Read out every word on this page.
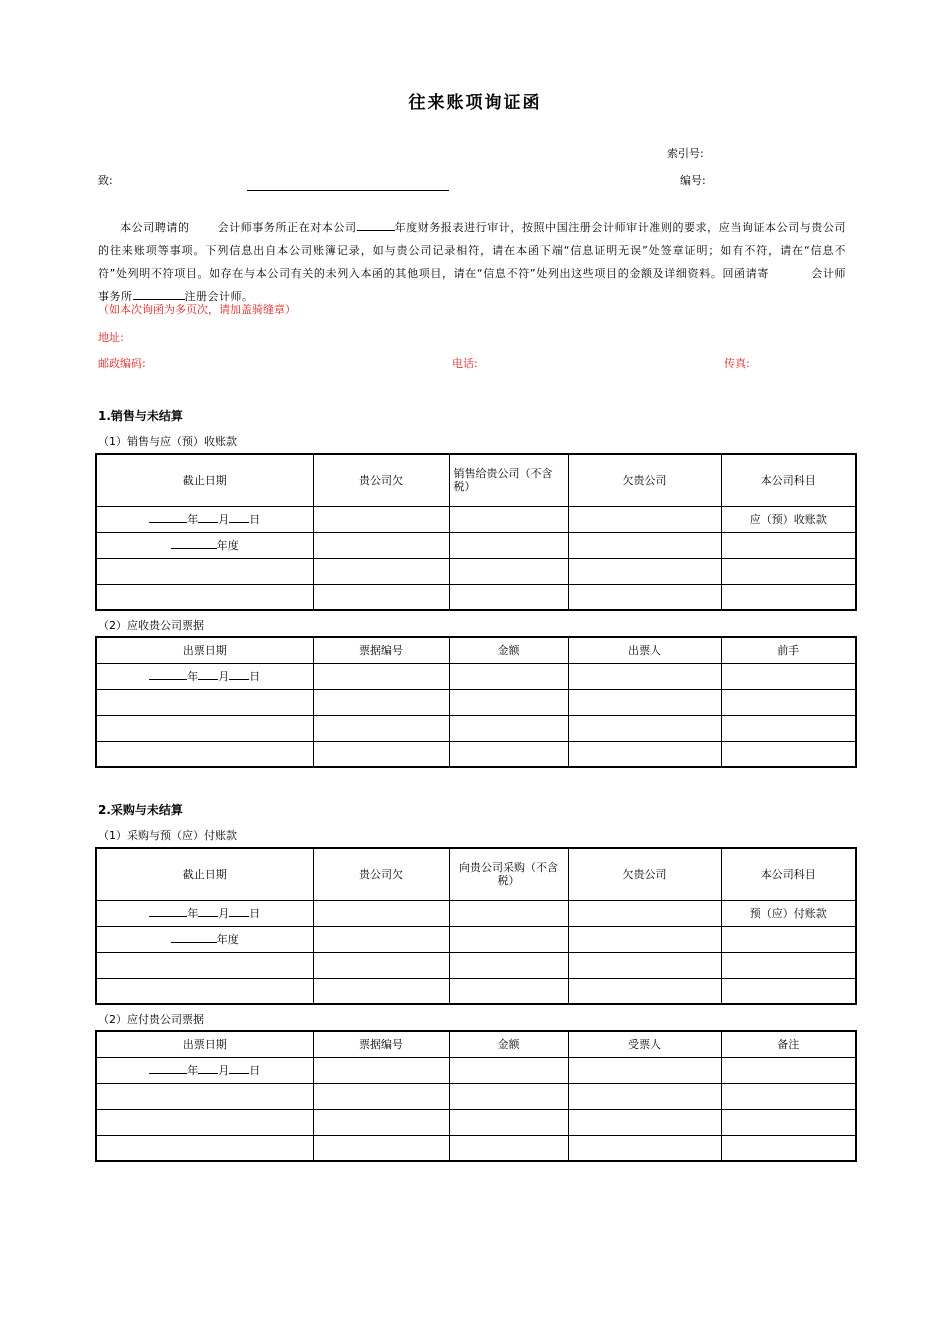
往来账项询证函
索引号:
致:	编号:
本公司聘请的	会计师事务所正在对本公司	年度财务报表进行审计，按照中国注册会计师审计准则的要求，应当询证本公司与贵公司的往来账项等事项。下列信息出自本公司账簿记录，如与贵公司记录相符，请在本函下端“信息证明无误”处签章证明；如有不符，请在“信息不符”处列明不符项目。如存在与本公司有关的未列入本函的其他项目，请在“信息不符”处列出这些项目的金额及详细资料。回函请寄	会计师事务所	注册会计师。
（如本次询函为多页次，请加盖骑缝章）
地址:
邮政编码:	电话:	传真:
1.销售与未结算
（1）销售与应（预）收账款
截止日期	贵公司欠	销售给贵公司（不含税）	欠贵公司	本公司科目
年 月 日				应（预）收账款
年度				

（2）应收贵公司票据
出票日期	票据编号	金额	出票人	前手
年 月 日				

2.采购与未结算
（1）采购与预（应）付账款
截止日期	贵公司欠	向贵公司采购（不含税）	欠贵公司	本公司科目
年 月 日				预（应）付账款
年度				

（2）应付贵公司票据
出票日期	票据编号	金额	受票人	备注
年 月 日				
